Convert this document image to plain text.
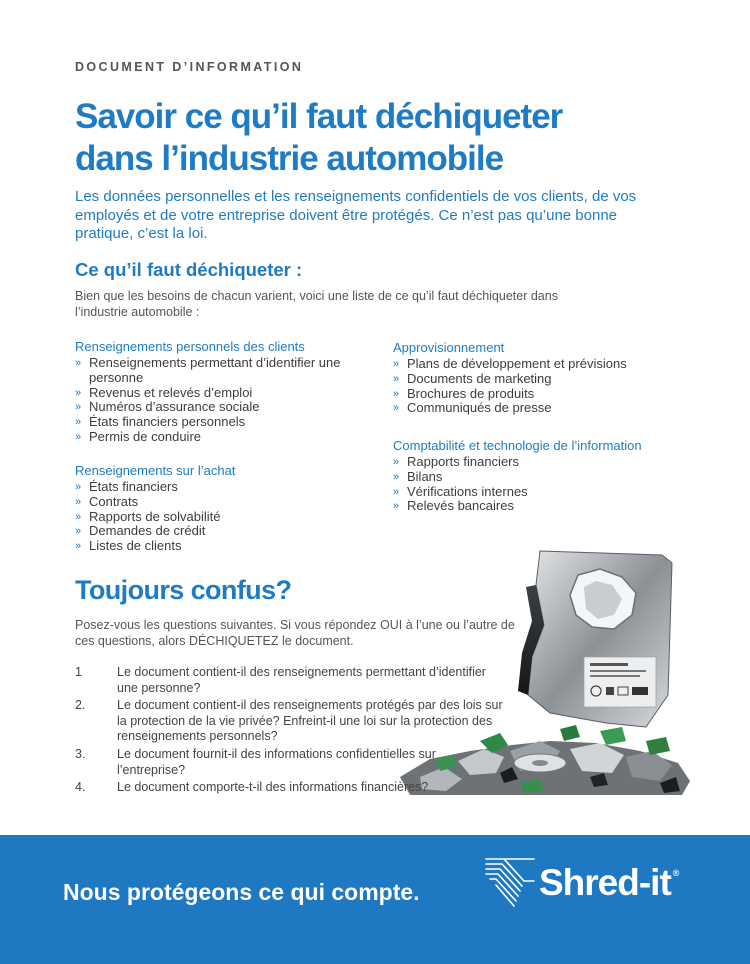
DOCUMENT D’INFORMATION
Savoir ce qu’il faut déchiqueter
dans l’industrie automobile

Les données personnelles et les renseignements confidentiels de vos clients, de vos employés et de votre entreprise doivent être protégés. Ce n’est pas qu’une bonne pratique, c’est la loi.

Ce qu’il faut déchiqueter :

Bien que les besoins de chacun varient, voici une liste de ce qu’il faut déchiqueter dans l’industrie automobile :

Renseignements personnels des clients
» Renseignements permettant d’identifier une personne
» Revenus et relevés d’emploi
» Numéros d’assurance sociale
» États financiers personnels
» Permis de conduire
Renseignements sur l’achat
» États financiers
» Contrats
» Rapports de solvabilité
» Demandes de crédit
» Listes de clients
Approvisionnement
» Plans de développement et prévisions
» Documents de marketing
» Brochures de produits
» Communiqués de presse
Comptabilité et technologie de l’information
» Rapports financiers
» Bilans
» Vérifications internes
» Relevés bancaires
Toujours confus?

Posez-vous les questions suivantes. Si vous répondez OUI à l’une ou l’autre de ces questions, alors DÉCHIQUETEZ le document.

1	Le document contient-il des renseignements permettant d’identifier une personne?
2.	Le document contient-il des renseignements protégés par des lois sur la protection de la vie privée? Enfreint-il une loi sur la protection des renseignements personnels?
3.	Le document fournit-il des informations confidentielles sur l’entreprise?
4.	Le document comporte-t-il des informations financières?
Nous protégeons ce qui compte.	Shred-it ®
